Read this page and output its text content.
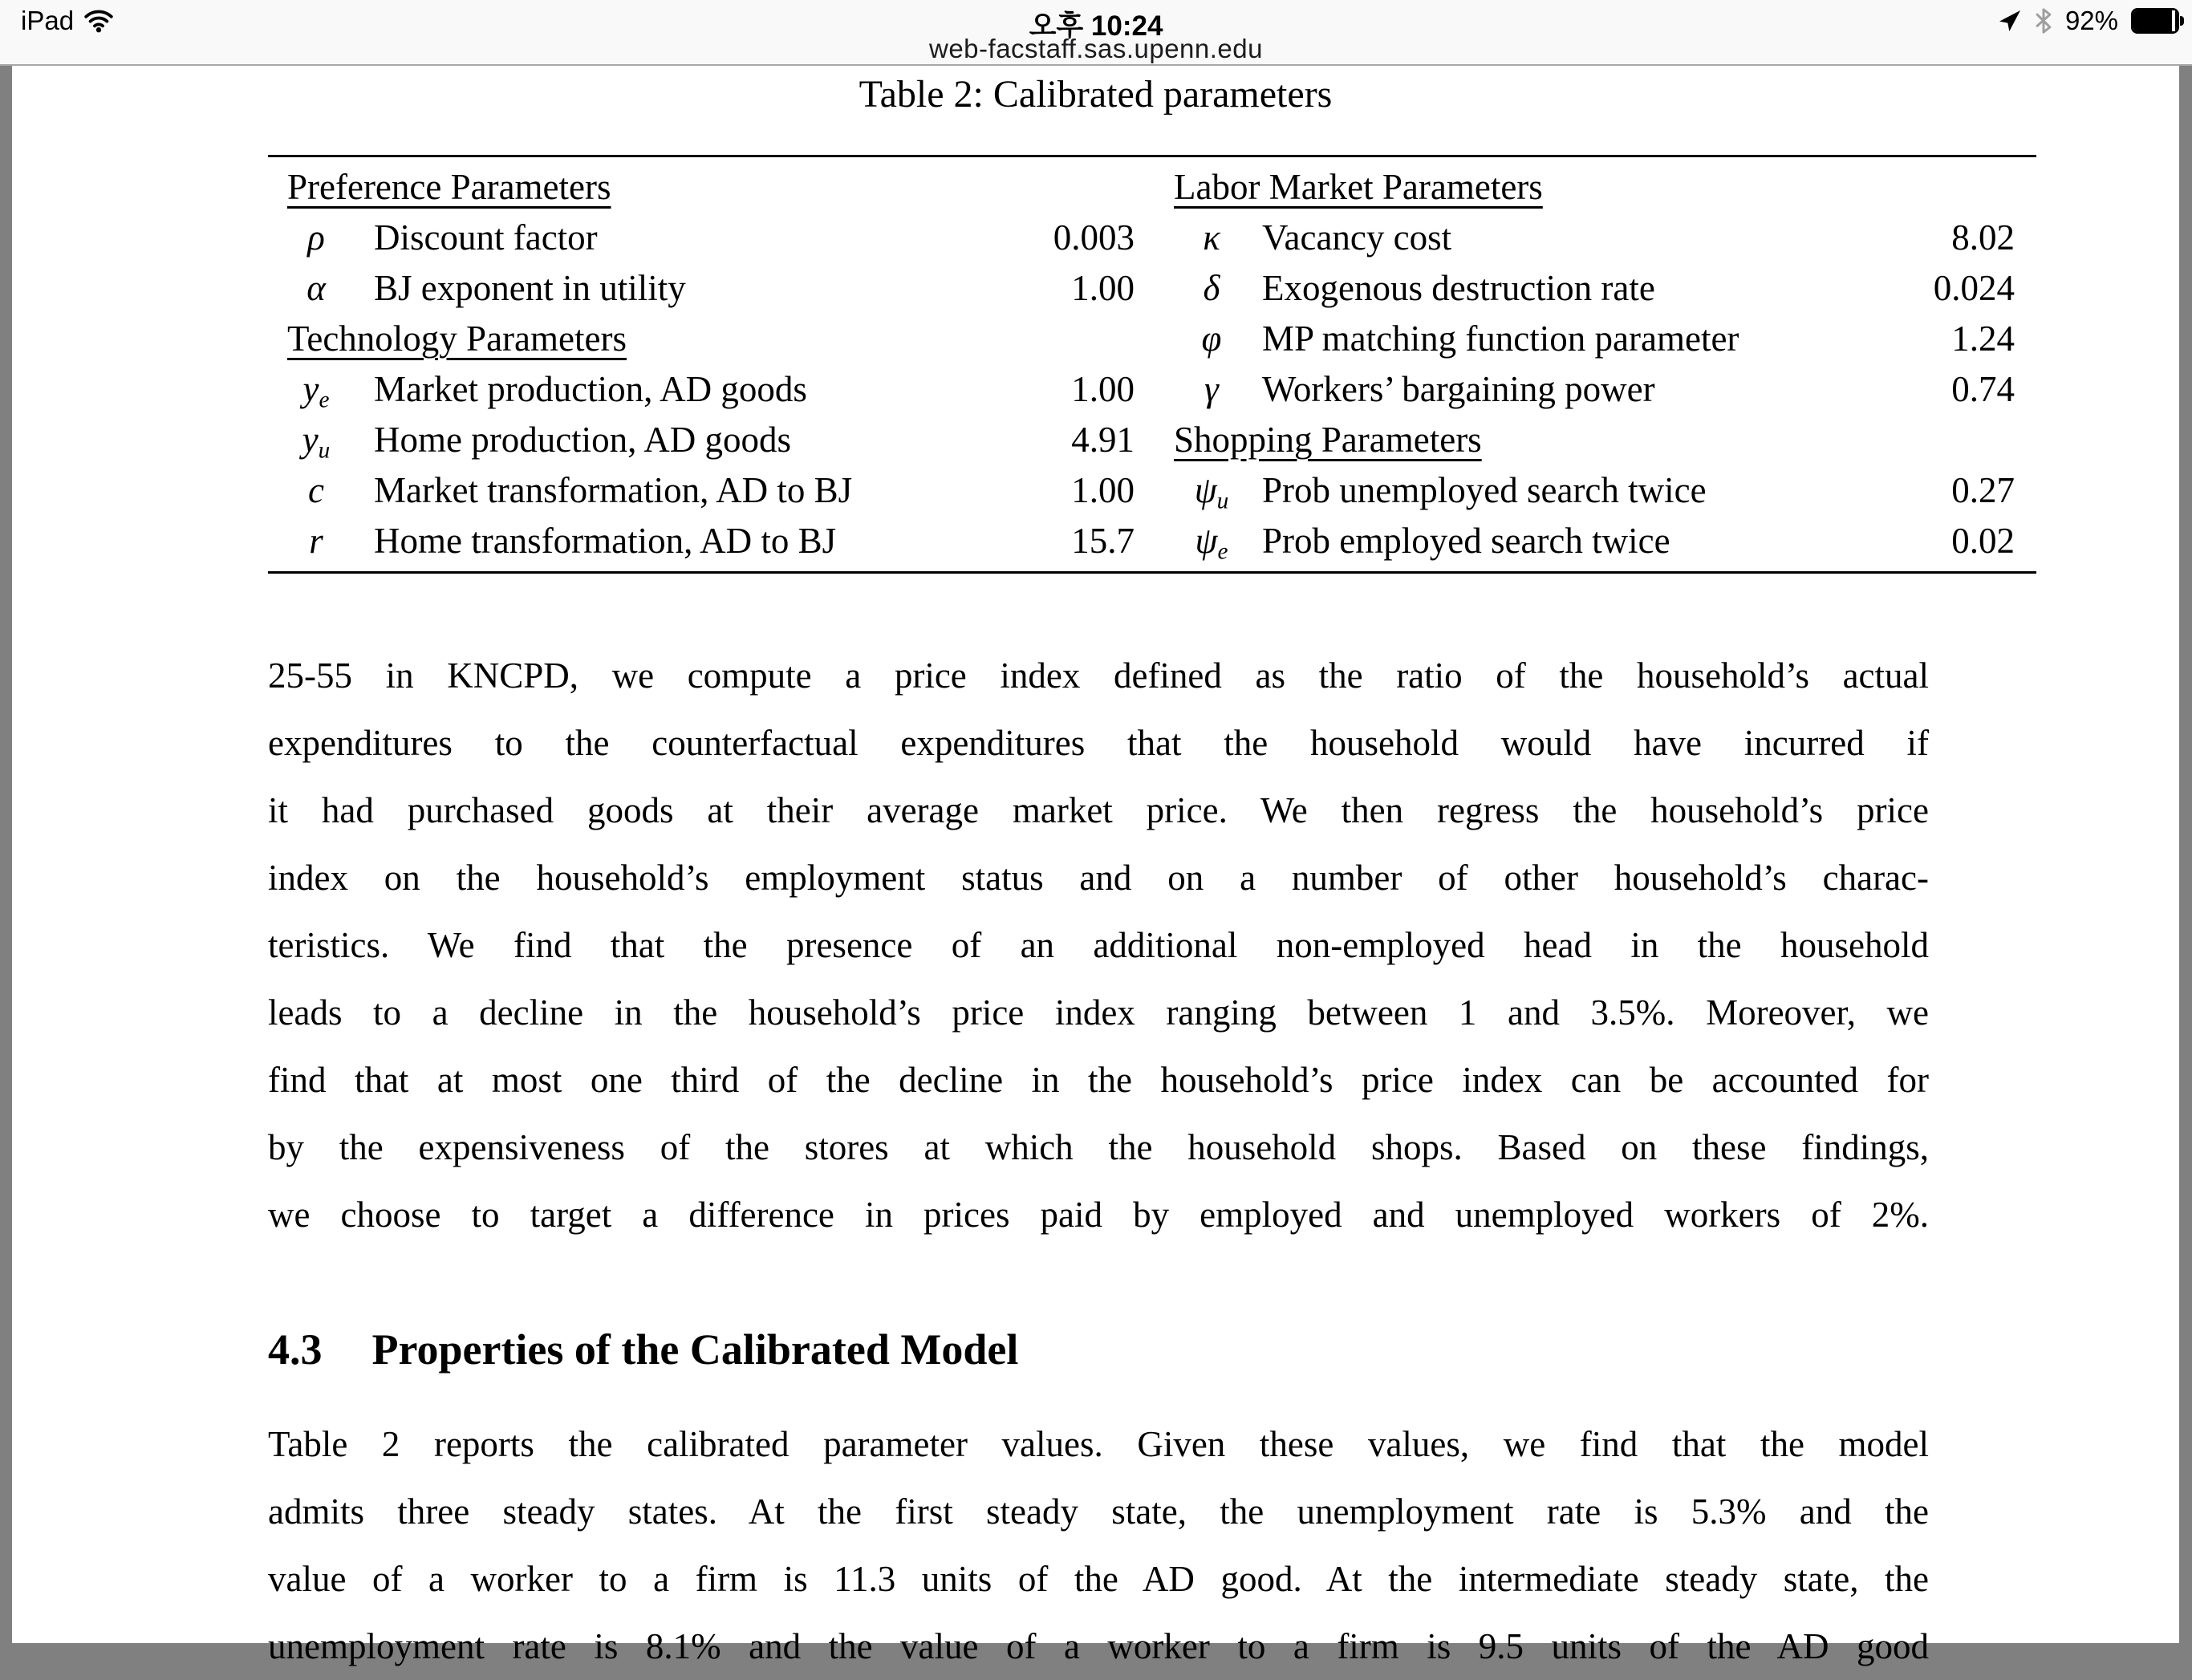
iPad	오후 10:24
web-facstaff.sas.upenn.edu
92%
Table 2: Calibrated parameters
Preference Parameters
ρ	Discount factor	0.003
α	BJ exponent in utility	1.00
Technology Parameters
$y_e$	Market production, AD goods	1.00
$y_u$	Home production, AD goods	4.91
c	Market transformation, AD to BJ	1.00
r	Home transformation, AD to BJ	15.7
Labor Market Parameters
κ	Vacancy cost	8.02
δ	Exogenous destruction rate	0.024
φ	MP matching function parameter	1.24
γ	Workers’ bargaining power	0.74
Shopping Parameters
$\psi_u$ Prob unemployed search twice	0.27
$\psi_e$ Prob employed search twice	0.02
25-55 in KNCPD, we compute a price index defined as the ratio of the household’s actual
expenditures to the counterfactual expenditures that the household would have incurred if
it had purchased goods at their average market price. We then regress the household’s price
index on the household’s employment status and on a number of other household’s charac-
teristics. We find that the presence of an additional non-employed head in the household
leads to a decline in the household’s price index ranging between 1 and 3.5%. Moreover, we
find that at most one third of the decline in the household’s price index can be accounted for
by the expensiveness of the stores at which the household shops. Based on these findings,
we choose to target a difference in prices paid by employed and unemployed workers of 2%.
4.3 Properties of the Calibrated Model
Table 2 reports the calibrated parameter values. Given these values, we find that the model
admits three steady states. At the first steady state, the unemployment rate is 5.3% and the
value of a worker to a firm is 11.3 units of the AD good. At the intermediate steady state, the
unemployment rate is 8.1% and the value of a worker to a firm is 9.5 units of the AD good
